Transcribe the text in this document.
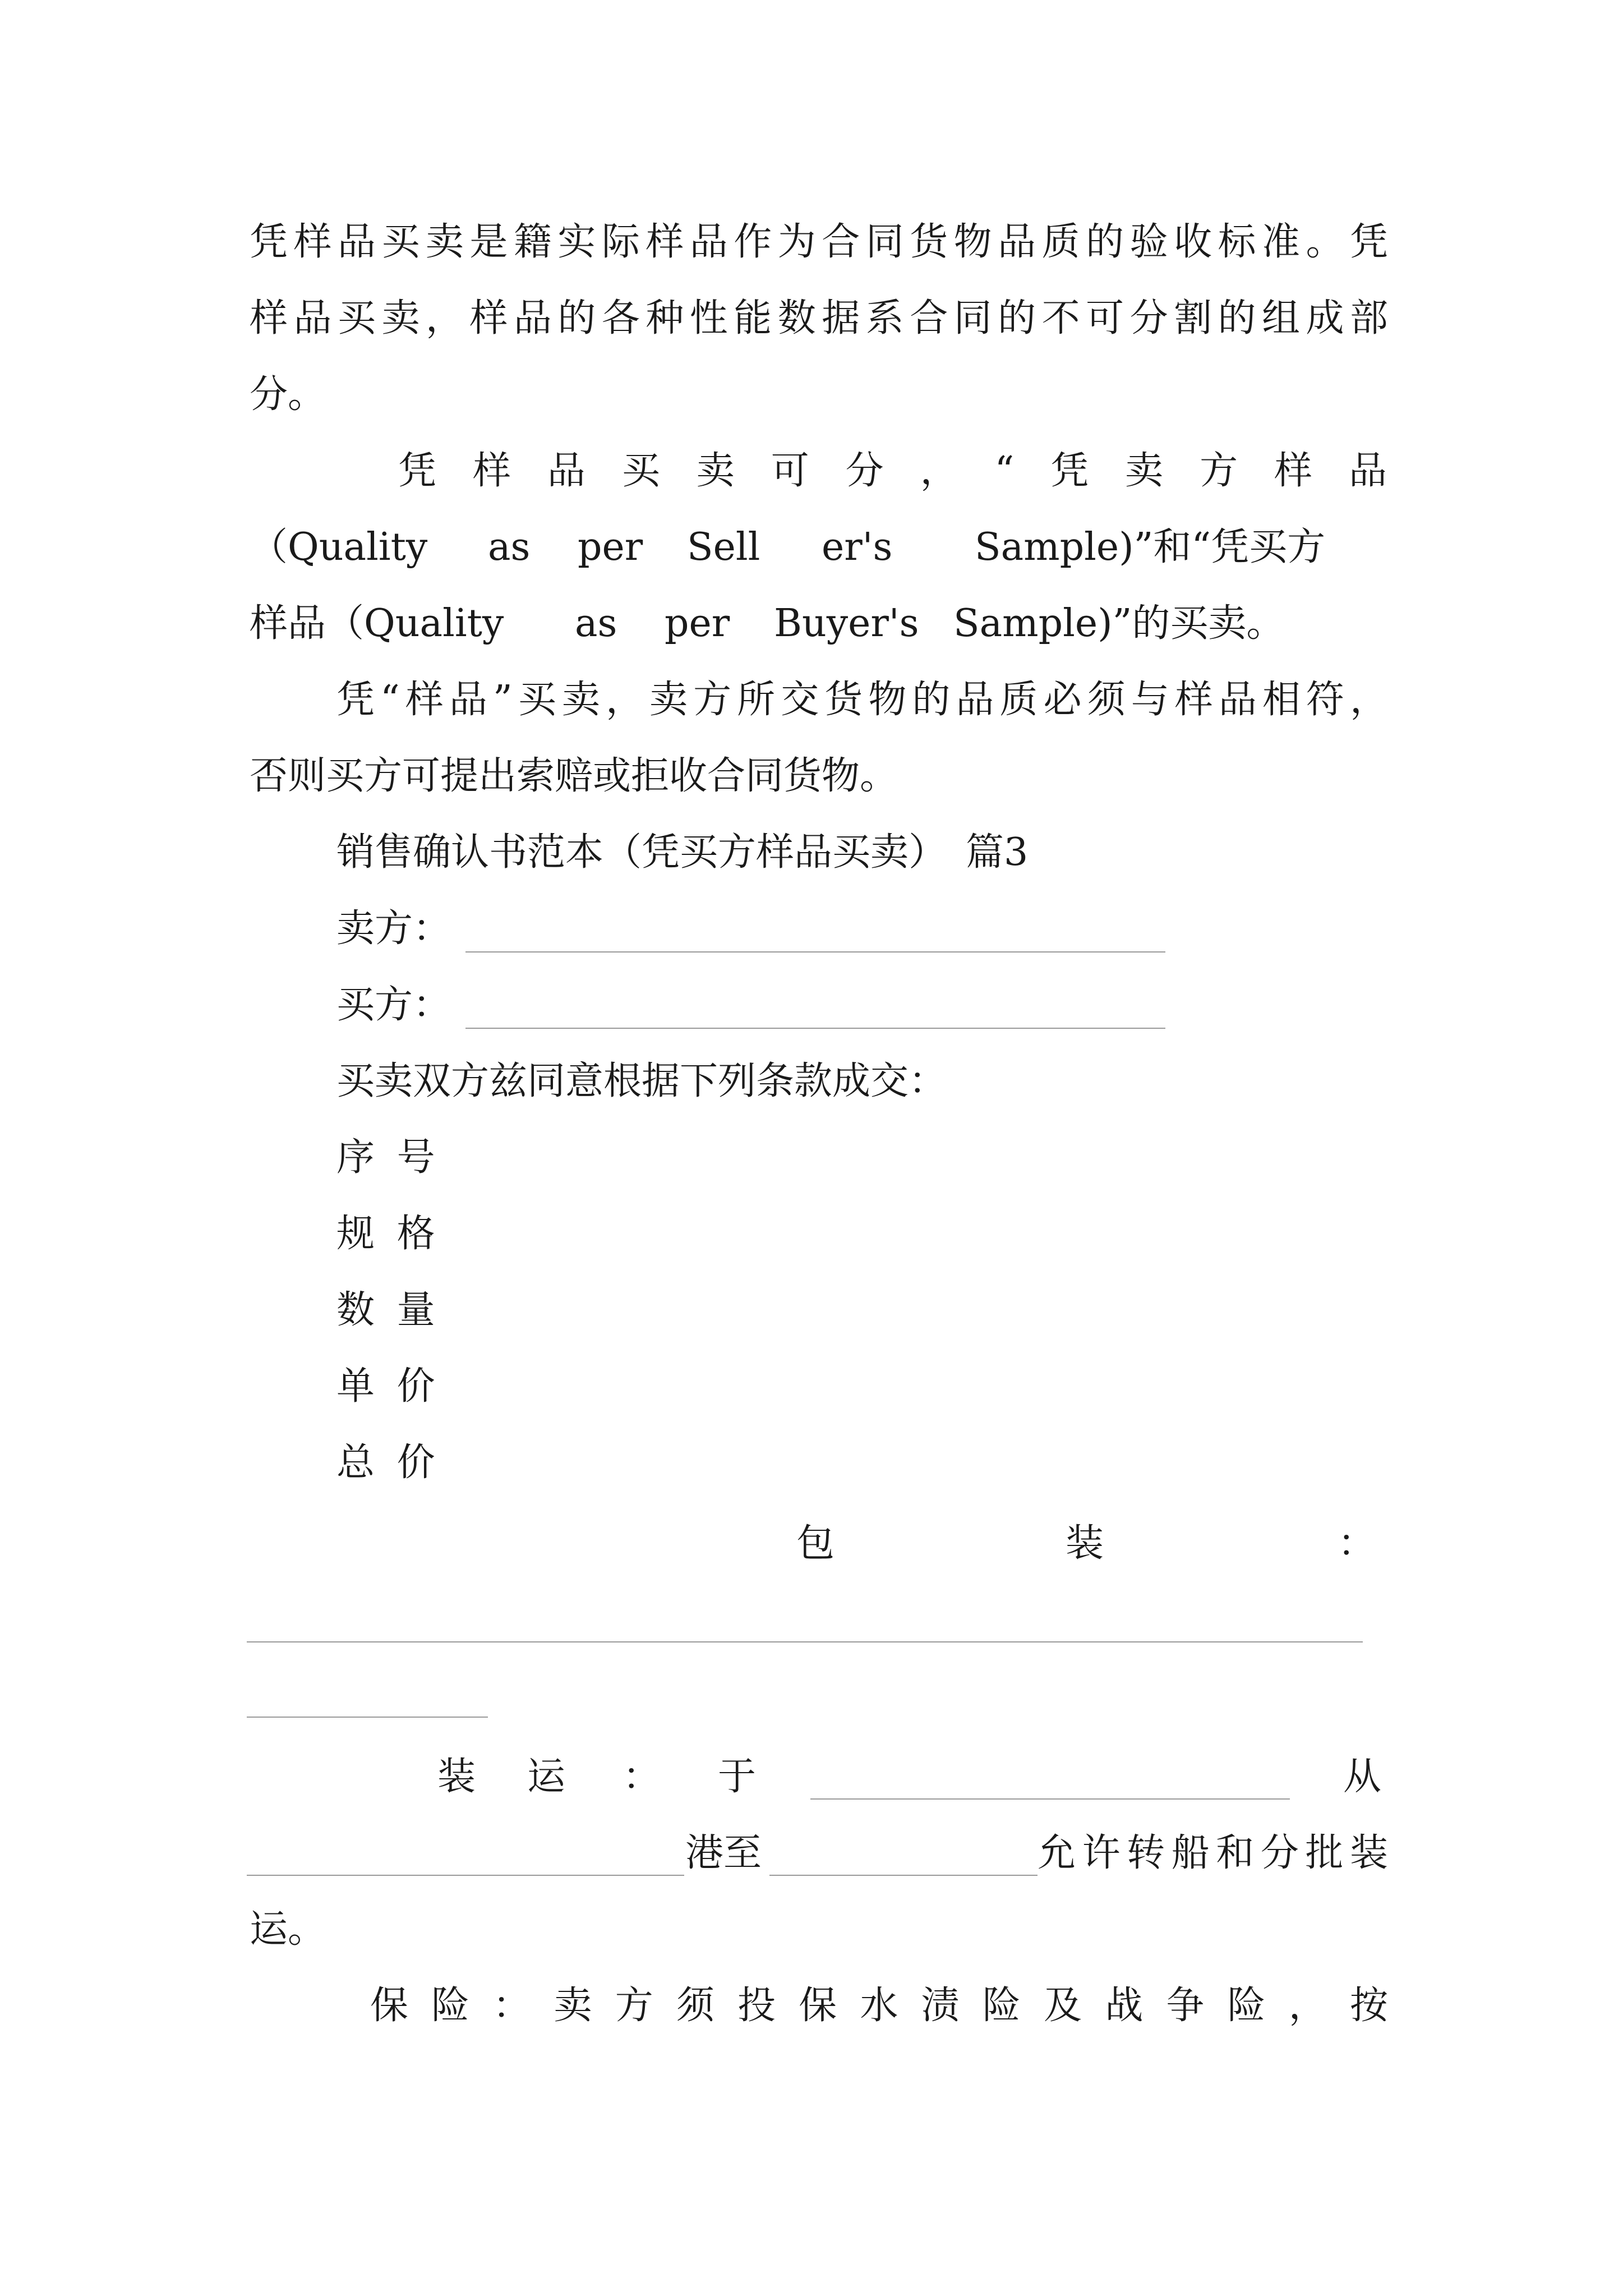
凭样品买卖是籍实际样品作为合同货物品质的验收标准。凭
样品买卖，样品的各种性能数据系合同的不可分割的组成部
分。
凭样品买卖可分，“凭卖方样品
（Quality as per Sell er's Sample)”和“凭买方
样品（Quality as per Buyer's Sample)”的买卖。
凭“样品”买卖，卖方所交货物的品质必须与样品相符，
否则买方可提出索赔或拒收合同货物。
销售确认书范本（凭买方样品买卖）　篇3
卖方：
买方：
买卖双方兹同意根据下列条款成交：
序 号
规 格
数 量
单 价
总 价
包	装	：
装 运 ： 于	从
港至	允许转船和分批装
运。
保险：卖方须投保水渍险及战争险，按
